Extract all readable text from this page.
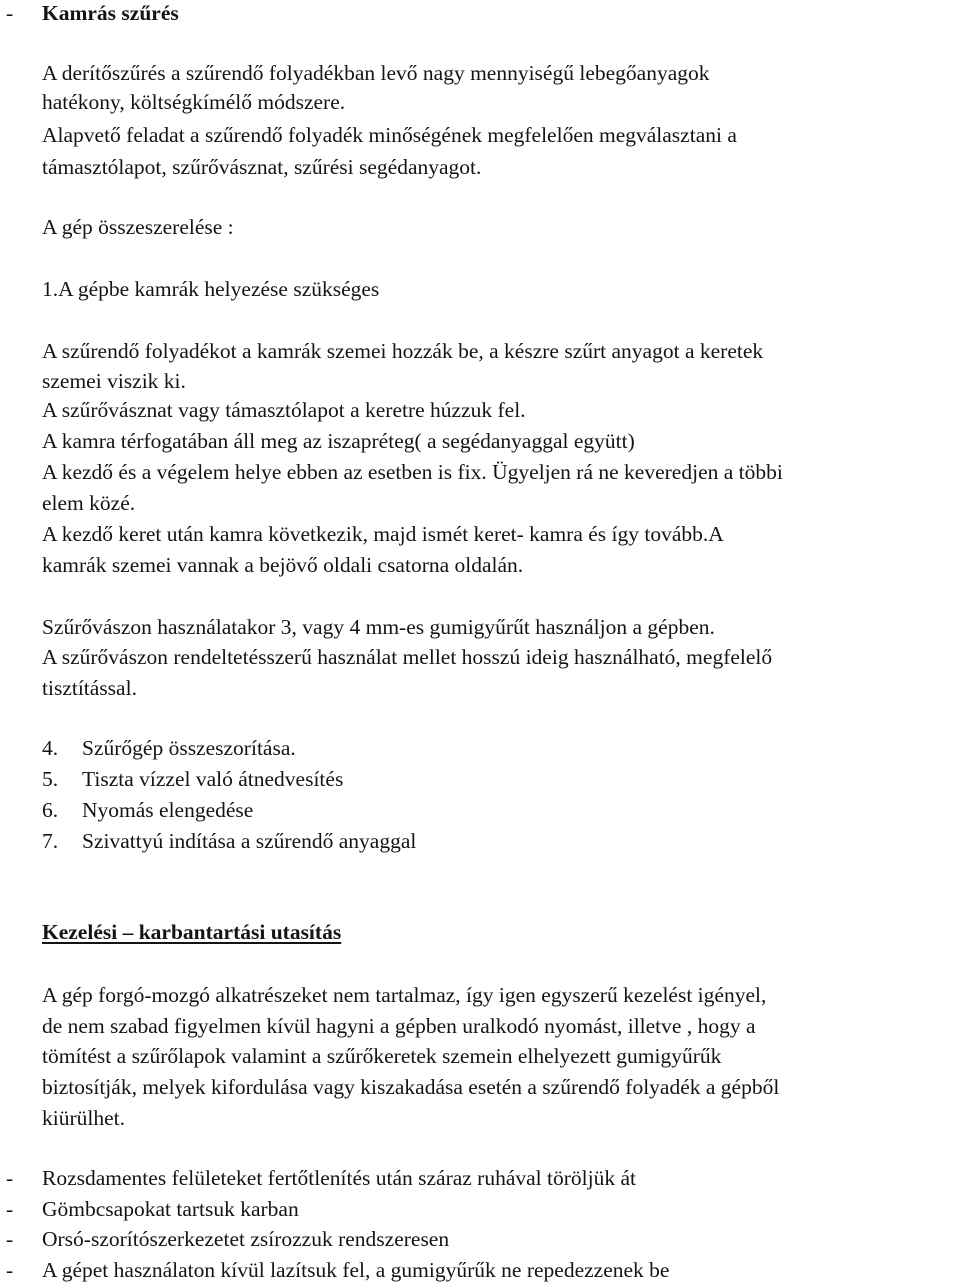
- Kamrás szűrés
A derítőszűrés a szűrendő folyadékban levő nagy mennyiségű lebegőanyagok
hatékony, költségkímélő módszere.
Alapvető feladat a szűrendő folyadék minőségének megfelelően megválasztani a
támasztólapot, szűrővásznat, szűrési segédanyagot.
A gép összeszerelése :
1.A gépbe kamrák helyezése szükséges
A szűrendő folyadékot a kamrák szemei hozzák be, a készre szűrt anyagot a keretek
szemei viszik ki.
A szűrővásznat vagy támasztólapot a keretre húzzuk fel.
A kamra térfogatában áll meg az iszapréteg( a segédanyaggal együtt)
A kezdő és a végelem helye ebben az esetben is fix. Ügyeljen rá ne keveredjen a többi
elem közé.
A kezdő keret után kamra következik, majd ismét keret- kamra és így tovább.A
kamrák szemei vannak a bejövő oldali csatorna oldalán.
Szűrővászon használatakor 3, vagy 4 mm-es gumigyűrűt használjon a gépben.
A szűrővászon rendeltetésszerű használat mellet hosszú ideig használható, megfelelő
tisztítással.
4. Szűrőgép összeszorítása.
5. Tiszta vízzel való átnedvesítés
6. Nyomás elengedése
7. Szivattyú indítása a szűrendő anyaggal
Kezelési – karbantartási utasítás
A gép forgó-mozgó alkatrészeket nem tartalmaz, így igen egyszerű kezelést igényel,
de nem szabad figyelmen kívül hagyni a gépben uralkodó nyomást, illetve , hogy a
tömítést a szűrőlapok valamint a szűrőkeretek szemein elhelyezett gumigyűrűk
biztosítják, melyek kifordulása vagy kiszakadása esetén a szűrendő folyadék a gépből
kiürülhet.
- Rozsdamentes felületeket fertőtlenítés után száraz ruhával töröljük át
- Gömbcsapokat tartsuk karban
- Orsó-szorítószerkezetet zsírozzuk rendszeresen
- A gépet használaton kívül lazítsuk fel, a gumigyűrűk ne repedezzenek be
